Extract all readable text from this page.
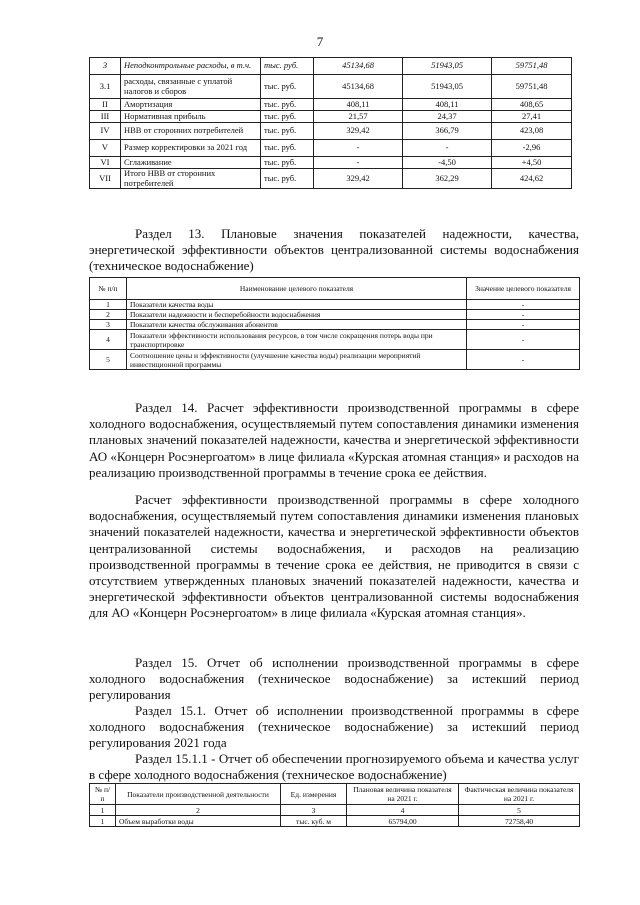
7
3	Неподконтрольные расходы, в т.ч.	тыс. руб.	45134,68	51943,05	59751,48
3.1	расходы, связанные с уплатой налогов и сборов	тыс. руб.	45134,68	51943,05	59751,48
II	Амортизация	тыс. руб.	408,11	408,11	408,65
III	Нормативная прибыль	тыс. руб.	21,57	24,37	27,41
IV	НВВ от сторонних потребителей	тыс. руб.	329,42	366,79	423,08
V	Размер корректировки за 2021 год	тыс. руб.	-	-	-2,96
VI	Сглаживание	тыс. руб.	-	-4,50	+4,50
VII	Итого НВВ от сторонних потребителей	тыс. руб.	329,42	362,29	424,62
Раздел 13. Плановые значения показателей надежности, качества, энергетической эффективности объектов централизованной системы водоснабжения (техническое водоснабжение)
№ п/п	Наименование целевого показателя	Значение целевого показателя
1	Показатели качества воды	-
2	Показатели надежности и бесперебойности водоснабжения	-
3	Показатели качества обслуживания абонентов	-
4	Показатели эффективности использования ресурсов, в том числе сокращения потерь воды при транспортировке	-
5	Соотношение цены и эффективности (улучшение качества воды) реализации мероприятий инвестиционной программы	-
Раздел 14. Расчет эффективности производственной программы в сфере холодного водоснабжения, осуществляемый путем сопоставления динамики изменения плановых значений показателей надежности, качества и энергетической эффективности АО «Концерн Росэнергоатом» в лице филиала «Курская атомная станция» и расходов на реализацию производственной программы в течение срока ее действия.
Расчет эффективности производственной программы в сфере холодного водоснабжения, осуществляемый путем сопоставления динамики изменения плановых значений показателей надежности, качества и энергетической эффективности объектов централизованной системы водоснабжения, и расходов на реализацию производственной программы в течение срока ее действия, не приводится в связи с отсутствием утвержденных плановых значений показателей надежности, качества и энергетической эффективности объектов централизованной системы водоснабжения для АО «Концерн Росэнергоатом» в лице филиала «Курская атомная станция».
Раздел 15. Отчет об исполнении производственной программы в сфере холодного водоснабжения (техническое водоснабжение) за истекший период регулирования
Раздел 15.1. Отчет об исполнении производственной программы в сфере холодного водоснабжения (техническое водоснабжение) за истекший период регулирования 2021 года
Раздел 15.1.1 - Отчет об обеспечении прогнозируемого объема и качества услуг в сфере холодного водоснабжения (техническое водоснабжение)
№ п/п	Показатели производственной деятельности	Ед. измерения	Плановая величина показателя на 2021 г.	Фактическая величина показателя на 2021 г.
1	2	3	4	5
1	Объем выработки воды	тыс. куб. м	65794,00	72758,40
